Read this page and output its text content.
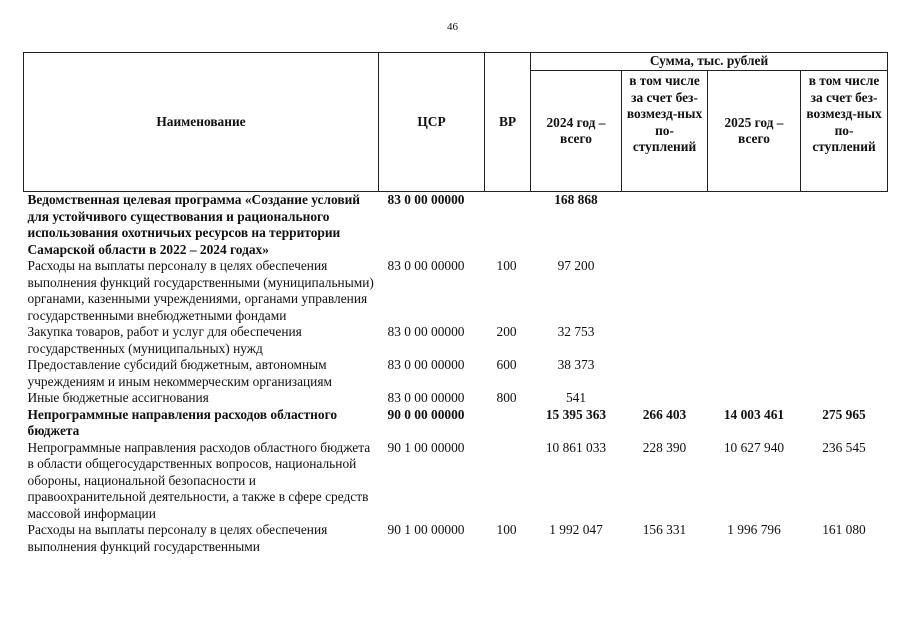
46
Наименование	ЦСР	ВР	Сумма, тыс. рублей			
			2024 год – всего	в том числе за счет без-возмезд-ных по-ступлений	2025 год – всего	в том числе за счет без-возмезд-ных по-ступлений
Ведомственная целевая программа «Создание условий для устойчивого существования и рационального использования охотничьих ресурсов на территории Самарской области в 2022 – 2024 годах»	83 0 00 00000		168 868			
Расходы на выплаты персоналу в целях обеспечения выполнения функций государственными (муниципальными) органами, казенными учреждениями, органами управления государственными внебюджетными фондами	83 0 00 00000	100	97 200			
Закупка товаров, работ и услуг для обеспечения государственных (муниципальных) нужд	83 0 00 00000	200	32 753			
Предоставление субсидий бюджетным, автономным учреждениям и иным некоммерческим организациям	83 0 00 00000	600	38 373			
Иные бюджетные ассигнования	83 0 00 00000	800	541			
Непрограммные направления расходов областного бюджета	90 0 00 00000		15 395 363	266 403	14 003 461	275 965
Непрограммные направления расходов областного бюджета в области общегосударственных вопросов, национальной обороны, национальной безопасности и правоохранительной деятельности, а также в сфере средств массовой информации	90 1 00 00000		10 861 033	228 390	10 627 940	236 545
Расходы на выплаты персоналу в целях обеспечения выполнения функций государственными	90 1 00 00000	100	1 992 047	156 331	1 996 796	161 080
